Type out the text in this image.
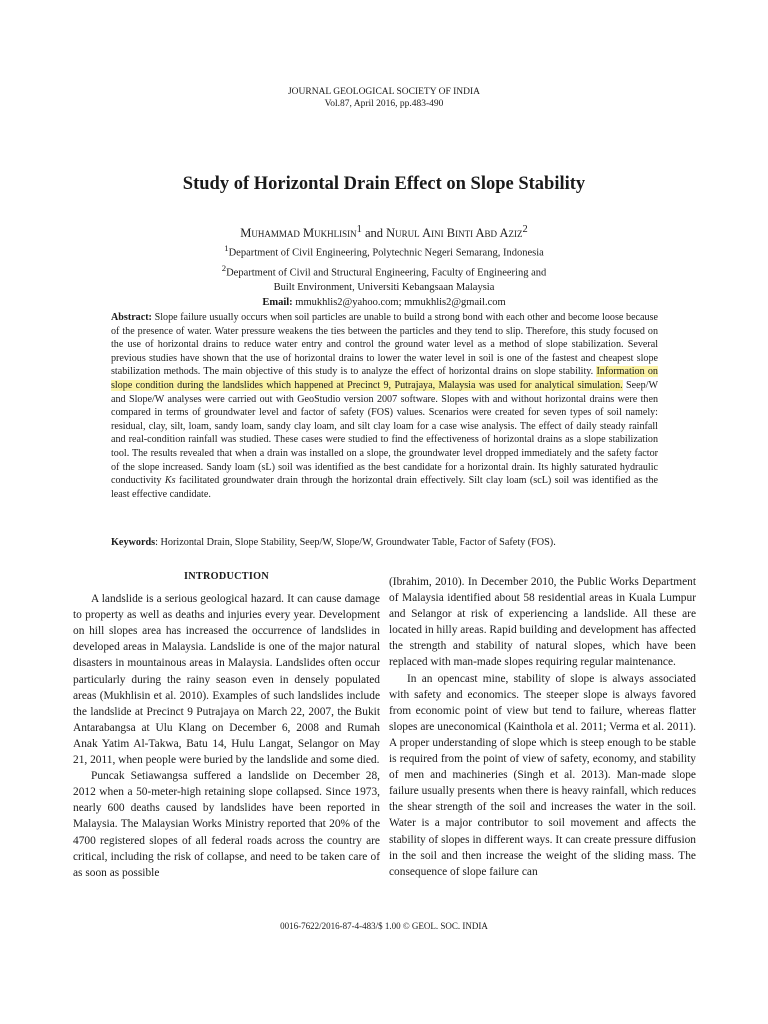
JOURNAL GEOLOGICAL SOCIETY OF INDIA
Vol.87, April 2016, pp.483-490
Study of Horizontal Drain Effect on Slope Stability
Muhammad Mukhlisin$^1$ and Nurul Aini Binti Abd Aziz$^2$
$^1$Department of Civil Engineering, Polytechnic Negeri Semarang, Indonesia
$^2$Department of Civil and Structural Engineering, Faculty of Engineering and
Built Environment, Universiti Kebangsaan Malaysia
Email: mmukhlis2@yahoo.com; mmukhlis2@gmail.com
Abstract: Slope failure usually occurs when soil particles are unable to build a strong bond with each other and become loose because of the presence of water. Water pressure weakens the ties between the particles and they tend to slip. Therefore, this study focused on the use of horizontal drains to reduce water entry and control the ground water level as a method of slope stabilization. Several previous studies have shown that the use of horizontal drains to lower the water level in soil is one of the fastest and cheapest slope stabilization methods. The main objective of this study is to analyze the effect of horizontal drains on slope stability. Information on slope condition during the landslides which happened at Precinct 9, Putrajaya, Malaysia was used for analytical simulation. Seep/W and Slope/W analyses were carried out with GeoStudio version 2007 software. Slopes with and without horizontal drains were then compared in terms of groundwater level and factor of safety (FOS) values. Scenarios were created for seven types of soil namely: residual, clay, silt, loam, sandy loam, sandy clay loam, and silt clay loam for a case wise analysis. The effect of daily steady rainfall and real-condition rainfall was studied. These cases were studied to find the effectiveness of horizontal drains as a slope stabilization tool. The results revealed that when a drain was installed on a slope, the groundwater level dropped immediately and the safety factor of the slope increased. Sandy loam (sL) soil was identified as the best candidate for a horizontal drain. Its highly saturated hydraulic conductivity Ks facilitated groundwater drain through the horizontal drain effectively. Silt clay loam (scL) soil was identified as the least effective candidate.
Keywords: Horizontal Drain, Slope Stability, Seep/W, Slope/W, Groundwater Table, Factor of Safety (FOS).
INTRODUCTION

A landslide is a serious geological hazard. It can cause damage to property as well as deaths and injuries every year. Development on hill slopes area has increased the occurrence of landslides in developed areas in Malaysia. Landslide is one of the major natural disasters in mountainous areas in Malaysia. Landslides often occur particularly during the rainy season even in densely populated areas (Mukhlisin et al. 2010). Examples of such landslides include the landslide at Precinct 9 Putrajaya on March 22, 2007, the Bukit Antarabangsa at Ulu Klang on December 6, 2008 and Rumah Anak Yatim Al-Takwa, Batu 14, Hulu Langat, Selangor on May 21, 2011, when people were buried by the landslide and some died.

Puncak Setiawangsa suffered a landslide on December 28, 2012 when a 50-meter-high retaining slope collapsed. Since 1973, nearly 600 deaths caused by landslides have been reported in Malaysia. The Malaysian Works Ministry reported that 20% of the 4700 registered slopes of all federal roads across the country are critical, including the risk of collapse, and need to be taken care of as soon as possible

(Ibrahim, 2010). In December 2010, the Public Works Department of Malaysia identified about 58 residential areas in Kuala Lumpur and Selangor at risk of experiencing a landslide. All these are located in hilly areas. Rapid building and development has affected the strength and stability of natural slopes, which have been replaced with man-made slopes requiring regular maintenance.

In an opencast mine, stability of slope is always associated with safety and economics. The steeper slope is always favored from economic point of view but tend to failure, whereas flatter slopes are uneconomical (Kainthola et al. 2011; Verma et al. 2011). A proper understanding of slope which is steep enough to be stable is required from the point of view of safety, economy, and stability of men and machineries (Singh et al. 2013). Man-made slope failure usually presents when there is heavy rainfall, which reduces the shear strength of the soil and increases the water in the soil. Water is a major contributor to soil movement and affects the stability of slopes in different ways. It can create pressure diffusion in the soil and then increase the weight of the sliding mass. The consequence of slope failure can

0016-7622/2016-87-4-483/$ 1.00 © GEOL. SOC. INDIA
